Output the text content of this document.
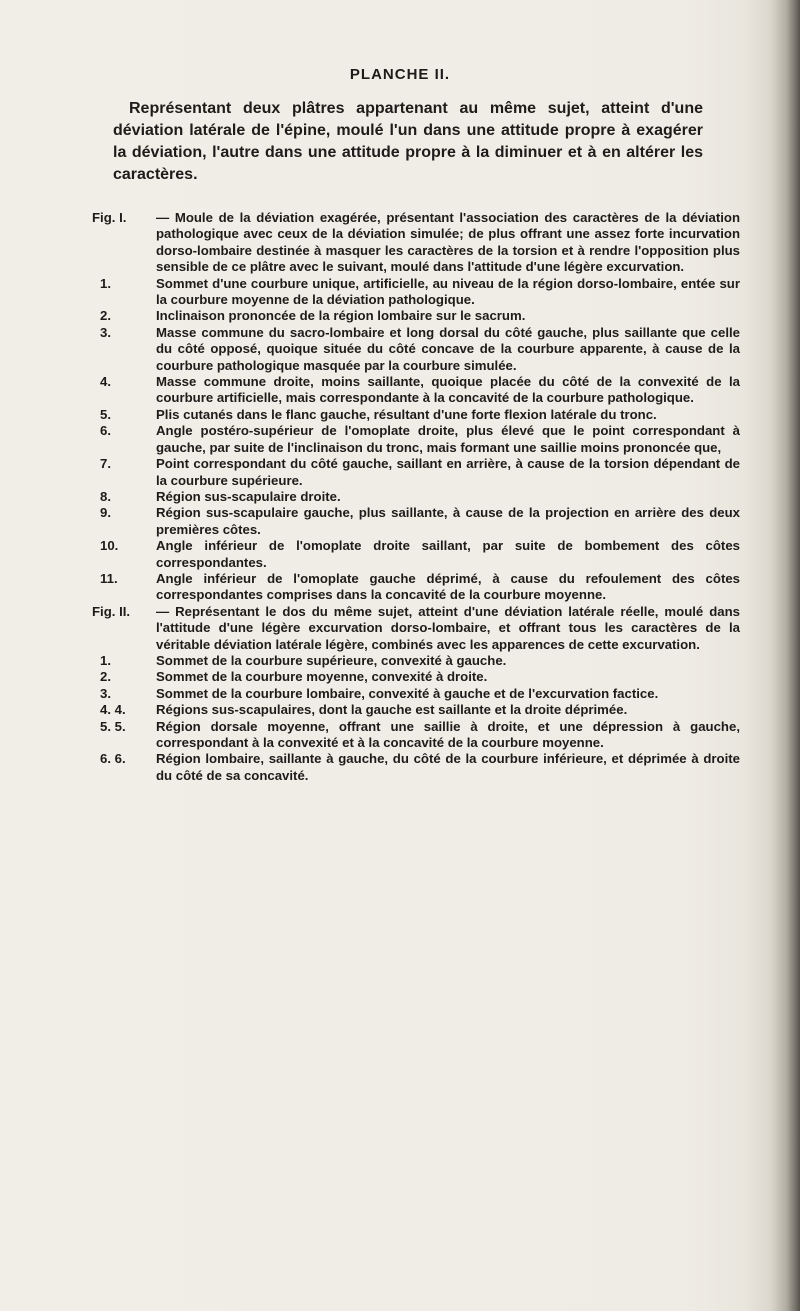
PLANCHE II.

Représentant deux plâtres appartenant au même sujet, atteint d'une déviation latérale de l'épine, moulé l'un dans une attitude propre à exagérer la déviation, l'autre dans une attitude propre à la diminuer et à en altérer les caractères.

Fig. I.	— Moule de la déviation exagérée, présentant l'association des caractères de la déviation pathologique avec ceux de la déviation simulée; de plus offrant une assez forte incurvation dorso-lombaire destinée à masquer les caractères de la torsion et à rendre l'opposition plus sensible de ce plâtre avec le suivant, moulé dans l'attitude d'une légère excurvation.
1.	Sommet d'une courbure unique, artificielle, au niveau de la région dorso-lombaire, entée sur la courbure moyenne de la déviation pathologique.
2.	Inclinaison prononcée de la région lombaire sur le sacrum.
3.	Masse commune du sacro-lombaire et long dorsal du côté gauche, plus saillante que celle du côté opposé, quoique située du côté concave de la courbure apparente, à cause de la courbure pathologique masquée par la courbure simulée.
4.	Masse commune droite, moins saillante, quoique placée du côté de la convexité de la courbure artificielle, mais correspondante à la concavité de la courbure pathologique.
5.	Plis cutanés dans le flanc gauche, résultant d'une forte flexion latérale du tronc.
6.	Angle postéro-supérieur de l'omoplate droite, plus élevé que le point correspondant à gauche, par suite de l'inclinaison du tronc, mais formant une saillie moins prononcée que,
7.	Point correspondant du côté gauche, saillant en arrière, à cause de la torsion dépendant de la courbure supérieure.
8.	Région sus-scapulaire droite.
9.	Région sus-scapulaire gauche, plus saillante, à cause de la projection en arrière des deux premières côtes.
10.	Angle inférieur de l'omoplate droite saillant, par suite de bombement des côtes correspondantes.
11.	Angle inférieur de l'omoplate gauche déprimé, à cause du refoulement des côtes correspondantes comprises dans la concavité de la courbure moyenne.
Fig. II.	— Représentant le dos du même sujet, atteint d'une déviation latérale réelle, moulé dans l'attitude d'une légère excurvation dorso-lombaire, et offrant tous les caractères de la véritable déviation latérale légère, combinés avec les apparences de cette excurvation.
1.	Sommet de la courbure supérieure, convexité à gauche.
2.	Sommet de la courbure moyenne, convexité à droite.
3.	Sommet de la courbure lombaire, convexité à gauche et de l'excurvation factice.
4. 4.	Régions sus-scapulaires, dont la gauche est saillante et la droite déprimée.
5. 5.	Région dorsale moyenne, offrant une saillie à droite, et une dépression à gauche, correspondant à la convexité et à la concavité de la courbure moyenne.
6. 6.	Région lombaire, saillante à gauche, du côté de la courbure inférieure, et déprimée à droite du côté de sa concavité.
